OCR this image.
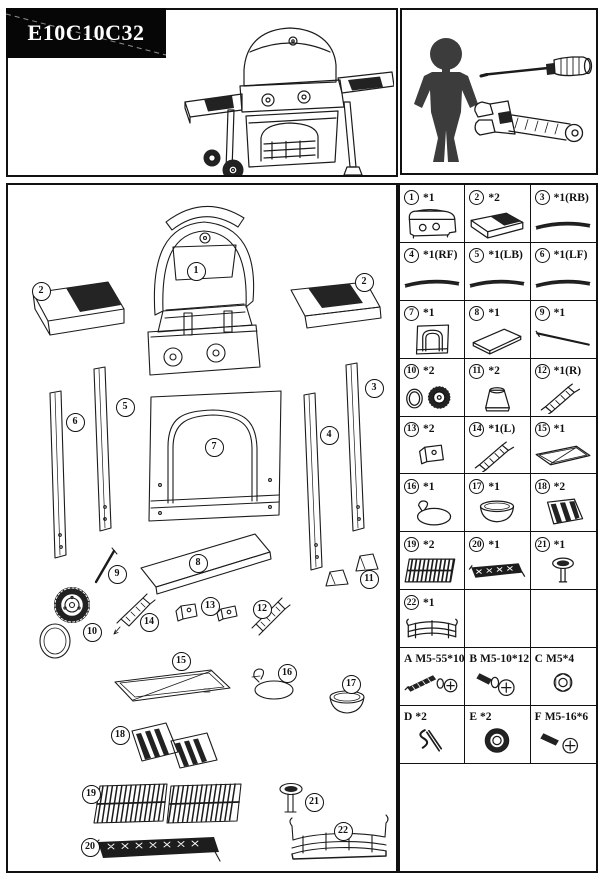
E10C10C32
1
2
2
3
4
5
6
7
8
9
10
11
12
13
14
15
16
17
18
19
20
21
22
1 *1	2 *2	3 *1(RB)
4 *1(RF)	5 *1(LB)	6 *1(LF)
7 *1	8 *1	9 *1
10 *2	11 *2	12 *1(R)
13 *2	14 *1(L) 15 *1
16 *1	17 *1	18 *2
19 *2	20 *1	21 *1
22 *1
A M5-55*10 B M5-10*12 C M5*4
D *2	E *2	F M5-16*6
